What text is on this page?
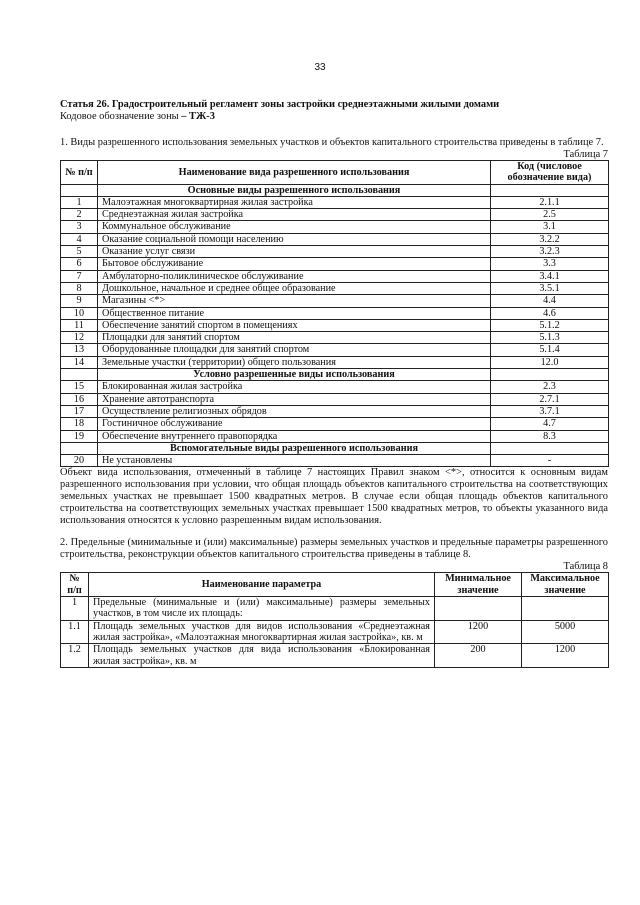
33

Статья 26. Градостроительный регламент зоны застройки среднеэтажными жилыми домами

Кодовое обозначение зоны – ТЖ-3

1. Виды разрешенного использования земельных участков и объектов капитального строительства приведены в таблице 7.

Таблица 7

№ п/п	Наименование вида разрешенного использования	Код (числовое обозначение вида)
	Основные виды разрешенного использования	
1	Малоэтажная многоквартирная жилая застройка	2.1.1
2	Среднеэтажная жилая застройка	2.5
3	Коммунальное обслуживание	3.1
4	Оказание социальной помощи населению	3.2.2
5	Оказание услуг связи	3.2.3
6	Бытовое обслуживание	3.3
7	Амбулаторно-поликлиническое обслуживание	3.4.1
8	Дошкольное, начальное и среднее общее образование	3.5.1
9	Магазины <*>	4.4
10	Общественное питание	4.6
11	Обеспечение занятий спортом в помещениях	5.1.2
12	Площадки для занятий спортом	5.1.3
13	Оборудованные площадки для занятий спортом	5.1.4
14	Земельные участки (территории) общего пользования	12.0
	Условно разрешенные виды использования	
15	Блокированная жилая застройка	2.3
16	Хранение автотранспорта	2.7.1
17	Осуществление религиозных обрядов	3.7.1
18	Гостиничное обслуживание	4.7
19	Обеспечение внутреннего правопорядка	8.3
	Вспомогательные виды разрешенного использования	
20	Не установлены	-

Объект вида использования, отмеченный в таблице 7 настоящих Правил знаком <*>, относится к основным видам разрешенного использования при условии, что общая площадь объектов капитального строительства на соответствующих земельных участках не превышает 1500 квадратных метров. В случае если общая площадь объектов капитального строительства на соответствующих земельных участках превышает 1500 квадратных метров, то объекты указанного вида использования относятся к условно разрешенным видам использования.

2. Предельные (минимальные и (или) максимальные) размеры земельных участков и предельные параметры разрешенного строительства, реконструкции объектов капитального строительства приведены в таблице 8.

Таблица 8

№ п/п	Наименование параметра	Минимальное значение	Максимальное значение
1	Предельные (минимальные и (или) максимальные) размеры земельных участков, в том числе их площадь:		
1.1	Площадь земельных участков для видов использования «Среднеэтажная жилая застройка», «Малоэтажная многоквартирная жилая застройка», кв. м	1200	5000
1.2	Площадь земельных участков для вида использования «Блокированная жилая застройка», кв. м	200	1200
